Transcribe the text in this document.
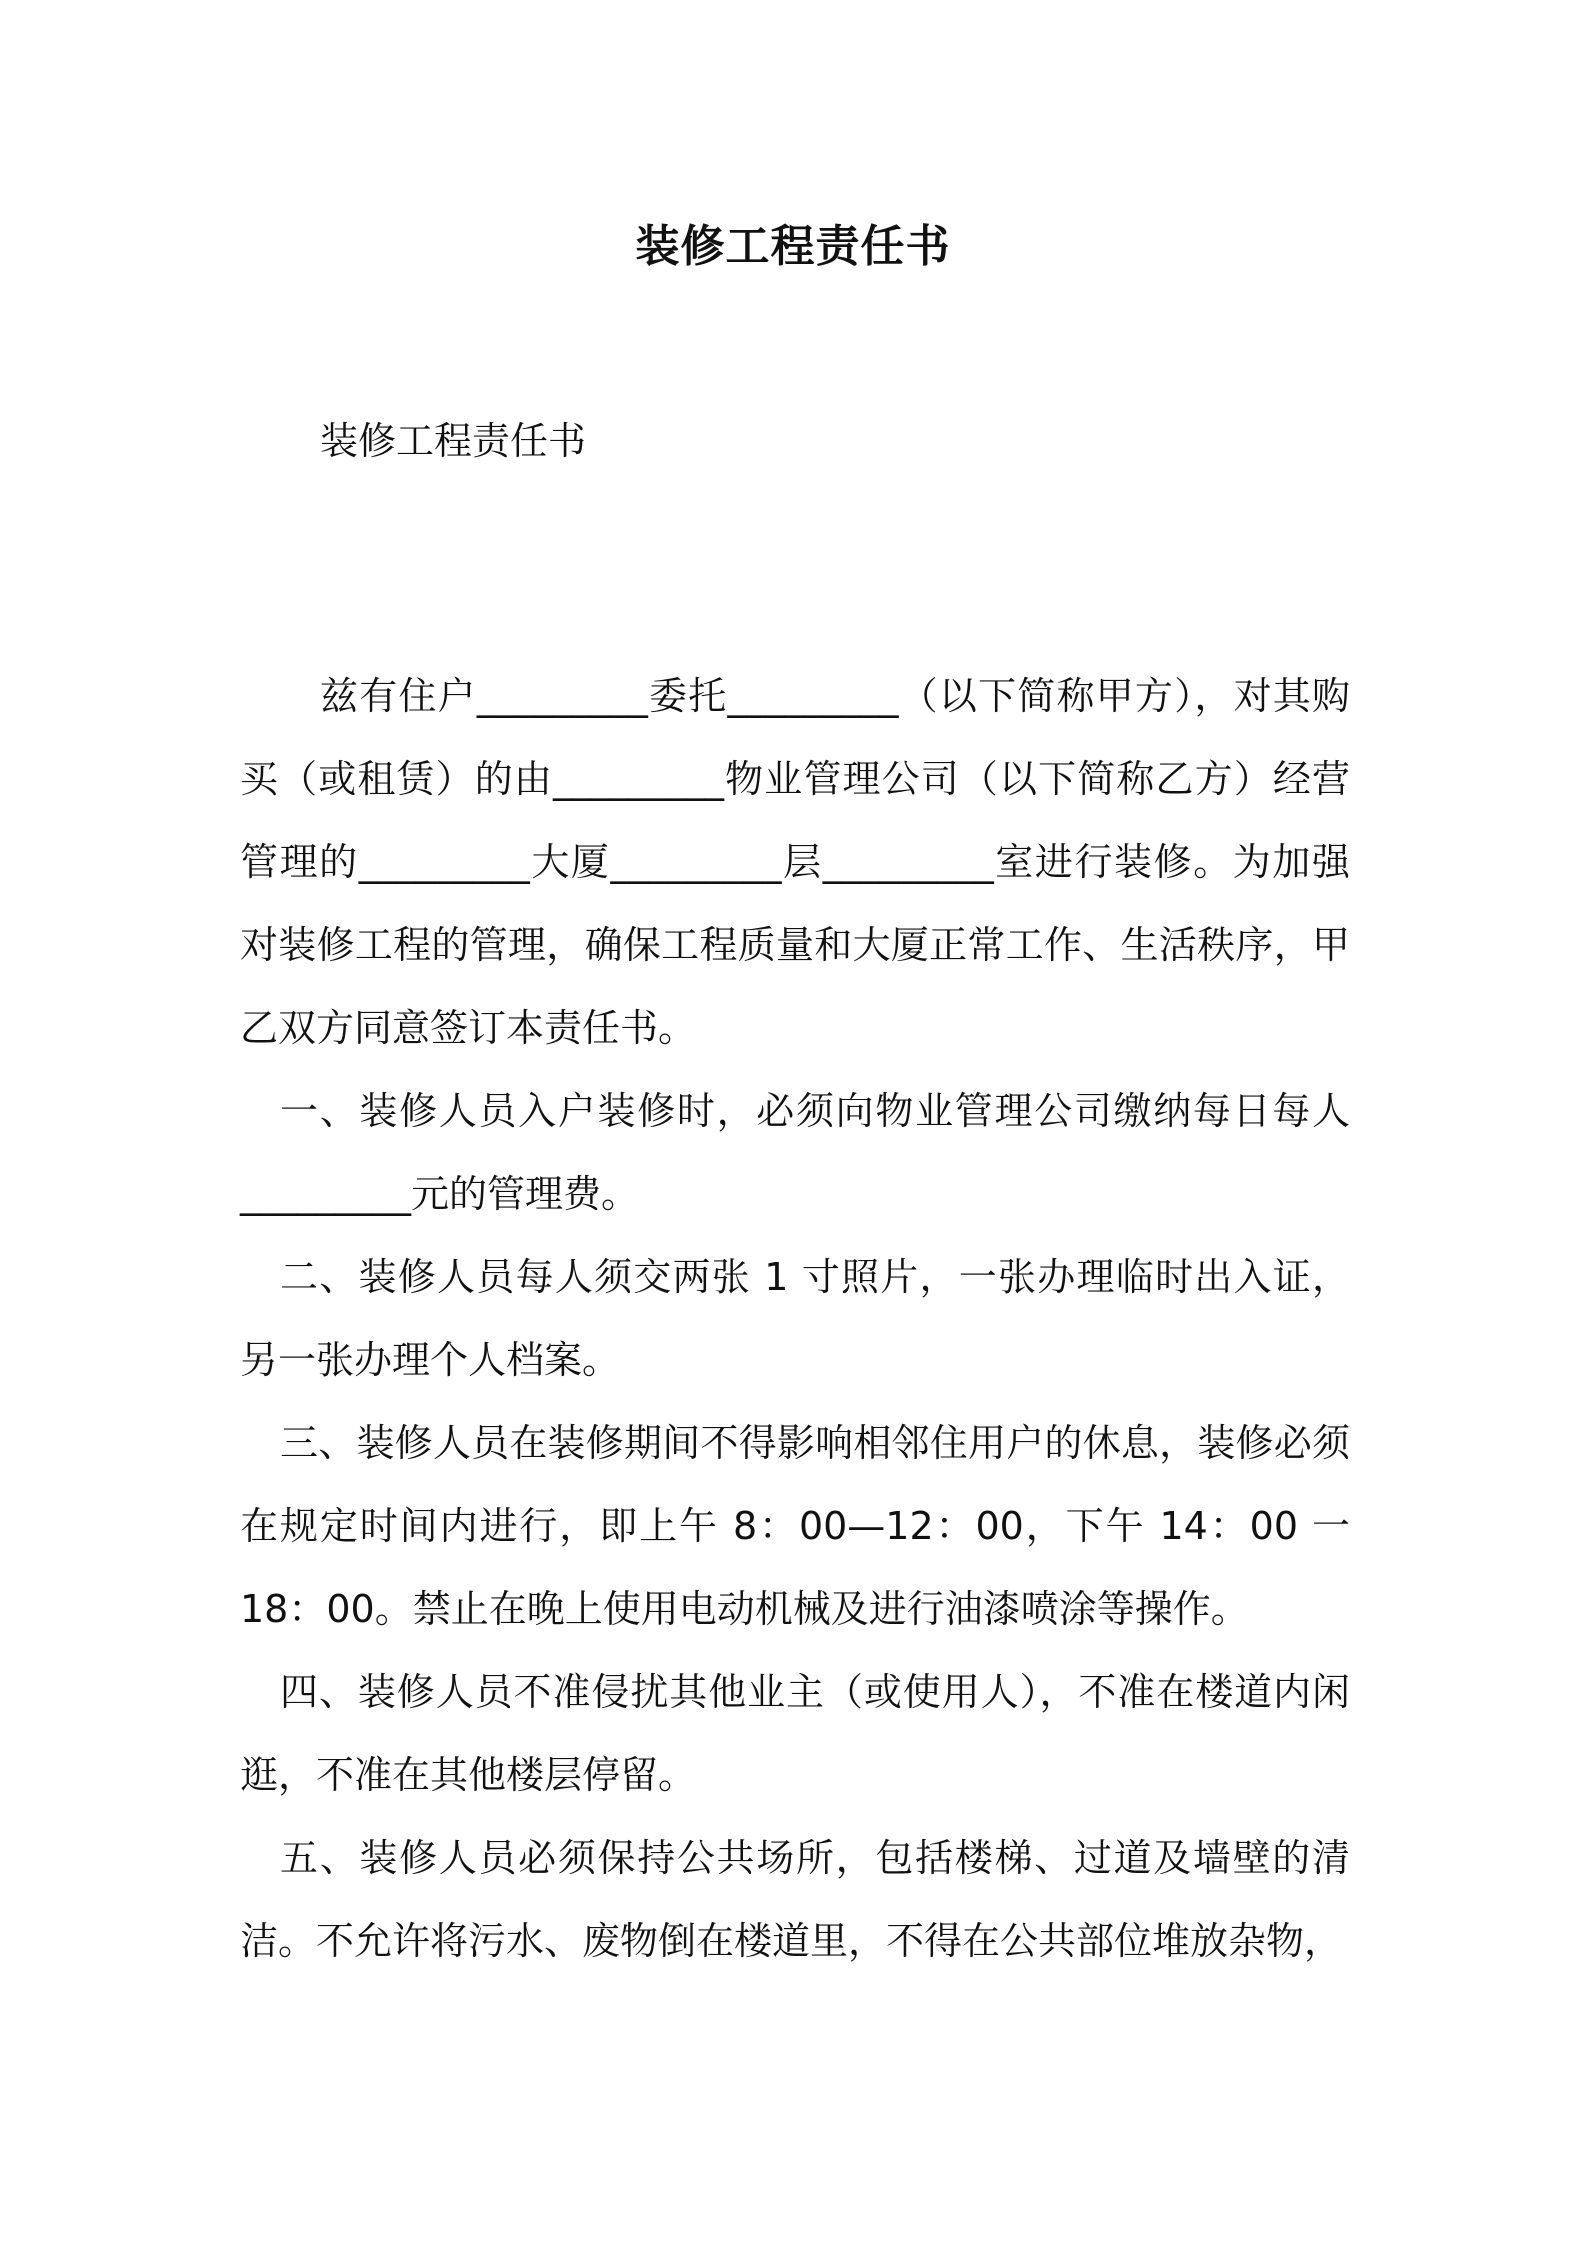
装修工程责任书

装修工程责任书

兹有住户_________委托_________（以下简称甲方），对其购买（或租赁）的由_________物业管理公司（以下简称乙方）经营管理的_________大厦_________层_________室进行装修。为加强对装修工程的管理，确保工程质量和大厦正常工作、生活秩序，甲乙双方同意签订本责任书。

一、装修人员入户装修时，必须向物业管理公司缴纳每日每人_________元的管理费。

二、装修人员每人须交两张 1 寸照片，一张办理临时出入证，另一张办理个人档案。

三、装修人员在装修期间不得影响相邻住用户的休息，装修必须在规定时间内进行，即上午 8：00—12：00，下午 14：00 一 18：00。禁止在晚上使用电动机械及进行油漆喷涂等操作。

四、装修人员不准侵扰其他业主（或使用人），不准在楼道内闲逛，不准在其他楼层停留。

五、装修人员必须保持公共场所，包括楼梯、过道及墙壁的清洁。不允许将污水、废物倒在楼道里，不得在公共部位堆放杂物，
